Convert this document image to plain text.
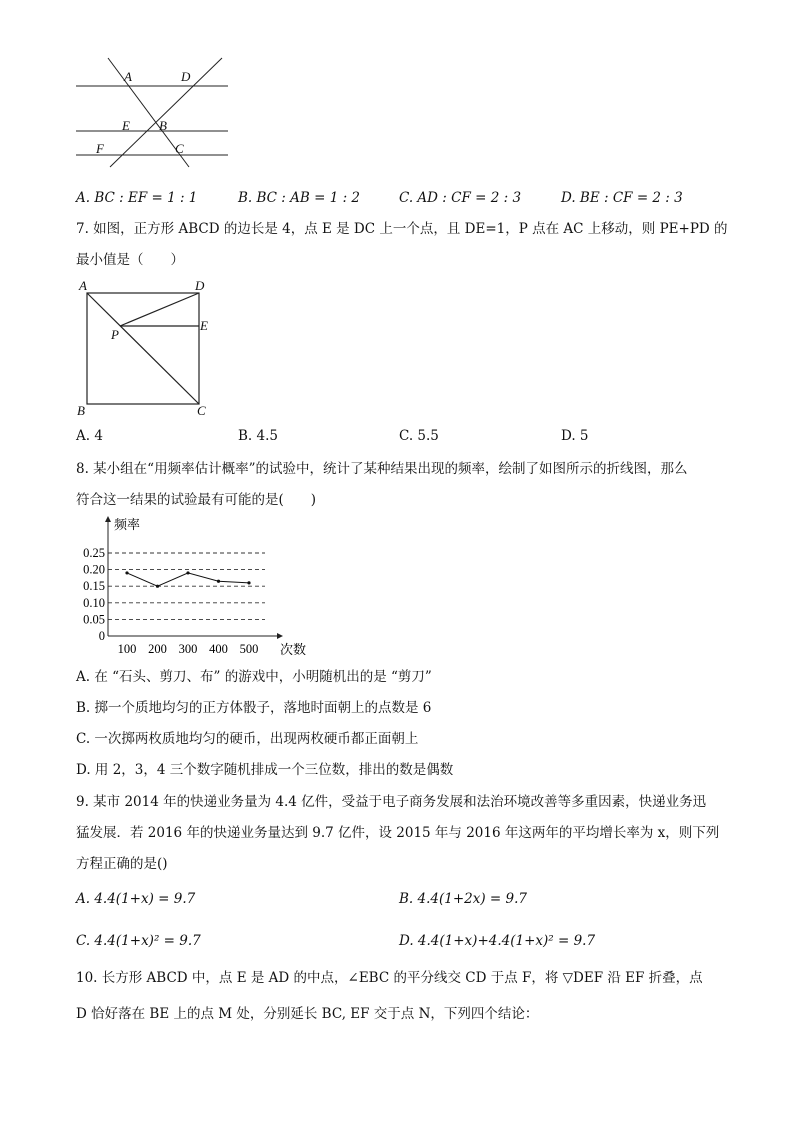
A	D
E B
F	C
A. BC : EF = 1 : 1	B. BC : AB = 1 : 2	C. AD : CF = 2 : 3	D. BE : CF = 2 : 3
7. 如图，正方形 ABCD 的边长是 4，点 E 是 DC 上一个点，且 DE=1，P 点在 AC 上移动，则 PE+PD 的
最小值是（　　）
A	D
P
E
B	C
A. 4	B. 4.5	C. 5.5	D. 5
8. 某小组在“用频率估计概率”的试验中，统计了某种结果出现的频率，绘制了如图所示的折线图，那么
符合这一结果的试验最有可能的是(　　)
频率
次数
0.25
0.20
0.15
0.10
0.05
0
100 200 300 400 500
A. 在 “石头、剪刀、布” 的游戏中，小明随机出的是 “剪刀”
B. 掷一个质地均匀的正方体骰子，落地时面朝上的点数是 6
C. 一次掷两枚质地均匀的硬币，出现两枚硬币都正面朝上
D. 用 2，3，4 三个数字随机排成一个三位数，排出的数是偶数
9. 某市 2014 年的快递业务量为 4.4 亿件，受益于电子商务发展和法治环境改善等多重因素，快递业务迅
猛发展．若 2016 年的快递业务量达到 9.7 亿件，设 2015 年与 2016 年这两年的平均增长率为 x，则下列
方程正确的是()
A. 4.4(1+x) = 9.7	B. 4.4(1+2x) = 9.7
C. 4.4(1+x)² = 9.7	D. 4.4(1+x)+4.4(1+x)² = 9.7
10. 长方形 ABCD 中，点 E 是 AD 的中点，∠EBC 的平分线交 CD 于点 F，将 ▽DEF 沿 EF 折叠，点
D 恰好落在 BE 上的点 M 处，分别延长 BC, EF 交于点 N，下列四个结论：
